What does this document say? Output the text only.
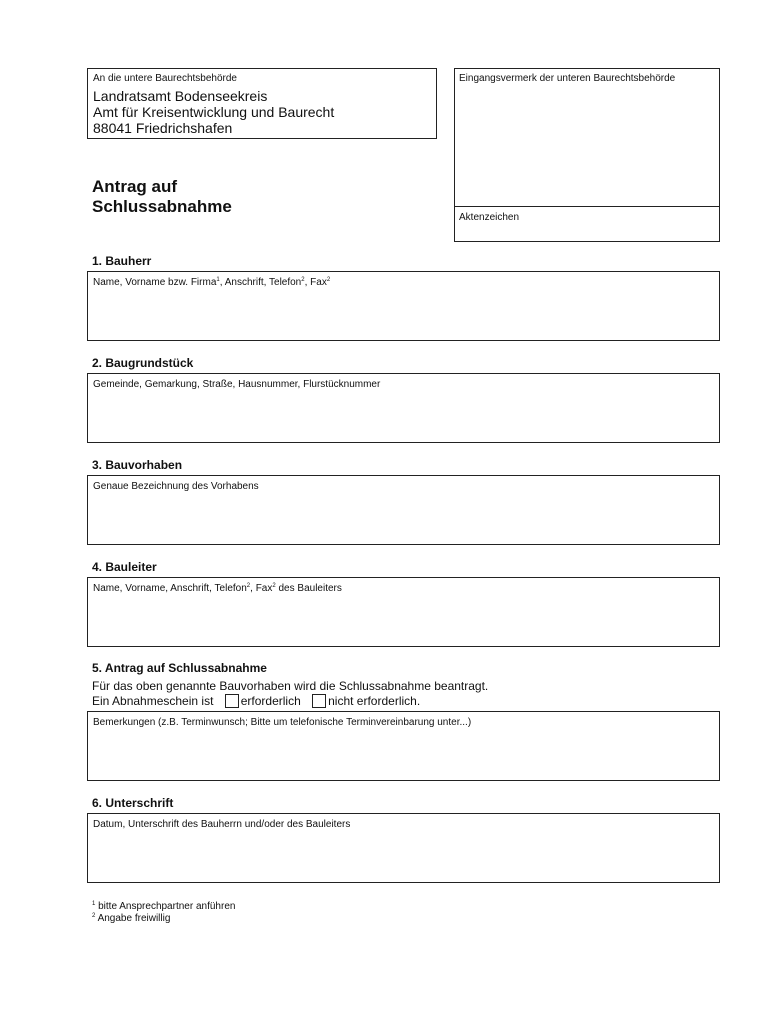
An die untere Baurechtsbehörde
Landratsamt Bodenseekreis
Amt für Kreisentwicklung und Baurecht
88041 Friedrichshafen
Eingangsvermerk der unteren Baurechtsbehörde
Aktenzeichen
Antrag auf
Schlussabnahme
1. Bauherr
Name, Vorname bzw. Firma$^1$, Anschrift, Telefon$^2$, Fax$^2$
2. Baugrundstück
Gemeinde, Gemarkung, Straße, Hausnummer, Flurstücknummer
3. Bauvorhaben
Genaue Bezeichnung des Vorhabens
4. Bauleiter
Name, Vorname, Anschrift, Telefon$^2$, Fax$^2$ des Bauleiters
5. Antrag auf Schlussabnahme
Für das oben genannte Bauvorhaben wird die Schlussabnahme beantragt.
Ein Abnahmeschein ist erforderlich nicht erforderlich.
Bemerkungen (z.B. Terminwunsch; Bitte um telefonische Terminvereinbarung unter...)
6. Unterschrift
Datum, Unterschrift des Bauherrn und/oder des Bauleiters
$^1$ bitte Ansprechpartner anführen
$^2$ Angabe freiwillig
